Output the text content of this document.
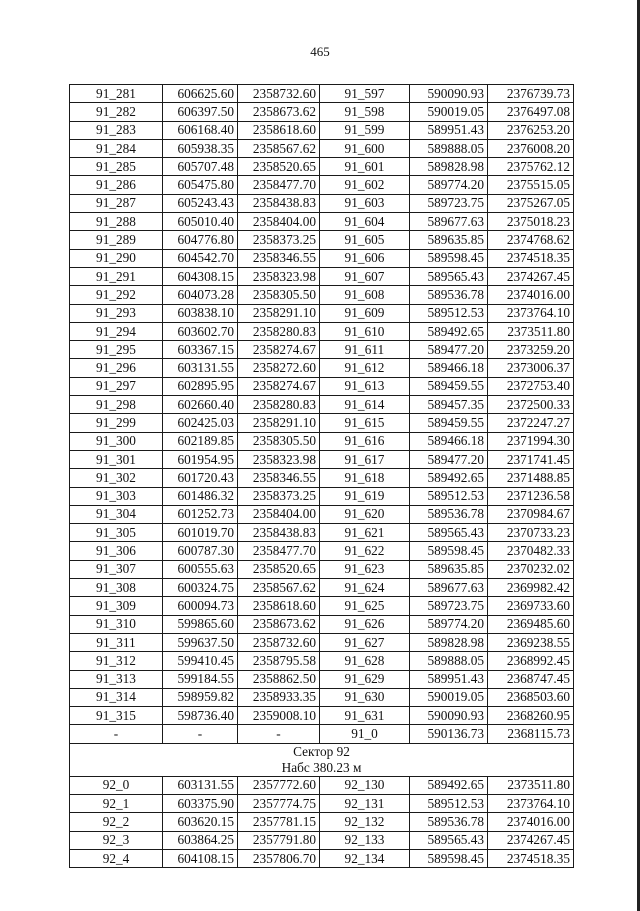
465
91_281	606625.60	2358732.60	91_597	590090.93	2376739.73
91_282	606397.50	2358673.62	91_598	590019.05	2376497.08
91_283	606168.40	2358618.60	91_599	589951.43	2376253.20
91_284	605938.35	2358567.62	91_600	589888.05	2376008.20
91_285	605707.48	2358520.65	91_601	589828.98	2375762.12
91_286	605475.80	2358477.70	91_602	589774.20	2375515.05
91_287	605243.43	2358438.83	91_603	589723.75	2375267.05
91_288	605010.40	2358404.00	91_604	589677.63	2375018.23
91_289	604776.80	2358373.25	91_605	589635.85	2374768.62
91_290	604542.70	2358346.55	91_606	589598.45	2374518.35
91_291	604308.15	2358323.98	91_607	589565.43	2374267.45
91_292	604073.28	2358305.50	91_608	589536.78	2374016.00
91_293	603838.10	2358291.10	91_609	589512.53	2373764.10
91_294	603602.70	2358280.83	91_610	589492.65	2373511.80
91_295	603367.15	2358274.67	91_611	589477.20	2373259.20
91_296	603131.55	2358272.60	91_612	589466.18	2373006.37
91_297	602895.95	2358274.67	91_613	589459.55	2372753.40
91_298	602660.40	2358280.83	91_614	589457.35	2372500.33
91_299	602425.03	2358291.10	91_615	589459.55	2372247.27
91_300	602189.85	2358305.50	91_616	589466.18	2371994.30
91_301	601954.95	2358323.98	91_617	589477.20	2371741.45
91_302	601720.43	2358346.55	91_618	589492.65	2371488.85
91_303	601486.32	2358373.25	91_619	589512.53	2371236.58
91_304	601252.73	2358404.00	91_620	589536.78	2370984.67
91_305	601019.70	2358438.83	91_621	589565.43	2370733.23
91_306	600787.30	2358477.70	91_622	589598.45	2370482.33
91_307	600555.63	2358520.65	91_623	589635.85	2370232.02
91_308	600324.75	2358567.62	91_624	589677.63	2369982.42
91_309	600094.73	2358618.60	91_625	589723.75	2369733.60
91_310	599865.60	2358673.62	91_626	589774.20	2369485.60
91_311	599637.50	2358732.60	91_627	589828.98	2369238.55
91_312	599410.45	2358795.58	91_628	589888.05	2368992.45
91_313	599184.55	2358862.50	91_629	589951.43	2368747.45
91_314	598959.82	2358933.35	91_630	590019.05	2368503.60
91_315	598736.40	2359008.10	91_631	590090.93	2368260.95
-	-	-	91_0	590136.73	2368115.73

Сектор 92
Набс 380.23 м					

92_0	603131.55	2357772.60	92_130	589492.65	2373511.80
92_1	603375.90	2357774.75	92_131	589512.53	2373764.10
92_2	603620.15	2357781.15	92_132	589536.78	2374016.00
92_3	603864.25	2357791.80	92_133	589565.43	2374267.45
92_4	604108.15	2357806.70	92_134	589598.45	2374518.35
